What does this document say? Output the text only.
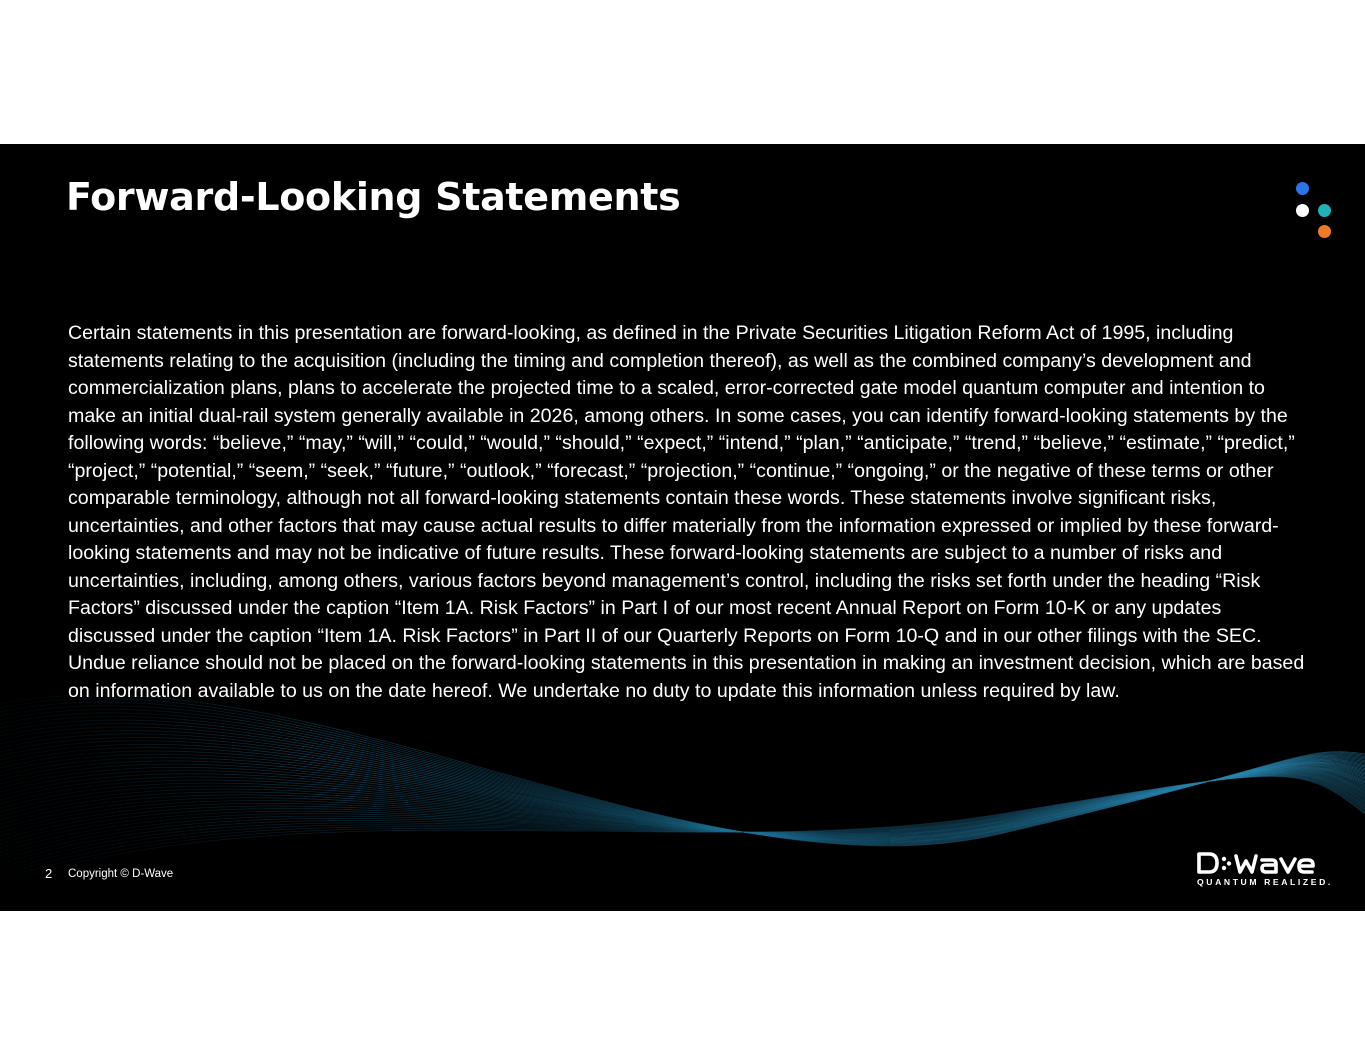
Forward-Looking Statements

Certain statements in this presentation are forward-looking, as defined in the Private Securities Litigation Reform Act of 1995, including statements relating to the acquisition (including the timing and completion thereof), as well as the combined company’s development and commercialization plans, plans to accelerate the projected time to a scaled, error-corrected gate model quantum computer and intention to make an initial dual-rail system generally available in 2026, among others. In some cases, you can identify forward-looking statements by the following words: “believe,” “may,” “will,” “could,” “would,” “should,” “expect,” “intend,” “plan,” “anticipate,” “trend,” “believe,” “estimate,” “predict,” “project,” “potential,” “seem,” “seek,” “future,” “outlook,” “forecast,” “projection,” “continue,” “ongoing,” or the negative of these terms or other comparable terminology, although not all forward-looking statements contain these words. These statements involve significant risks, uncertainties, and other factors that may cause actual results to differ materially from the information expressed or implied by these forward-looking statements and may not be indicative of future results. These forward-looking statements are subject to a number of risks and uncertainties, including, among others, various factors beyond management’s control, including the risks set forth under the heading “Risk Factors” discussed under the caption “Item 1A. Risk Factors” in Part I of our most recent Annual Report on Form 10-K or any updates discussed under the caption “Item 1A. Risk Factors” in Part II of our Quarterly Reports on Form 10-Q and in our other filings with the SEC. Undue reliance should not be placed on the forward-looking statements in this presentation in making an investment decision, which are based on information available to us on the date hereof. We undertake no duty to update this information unless required by law.

2 Copyright © D-Wave
QUANTUM REALIZED.
